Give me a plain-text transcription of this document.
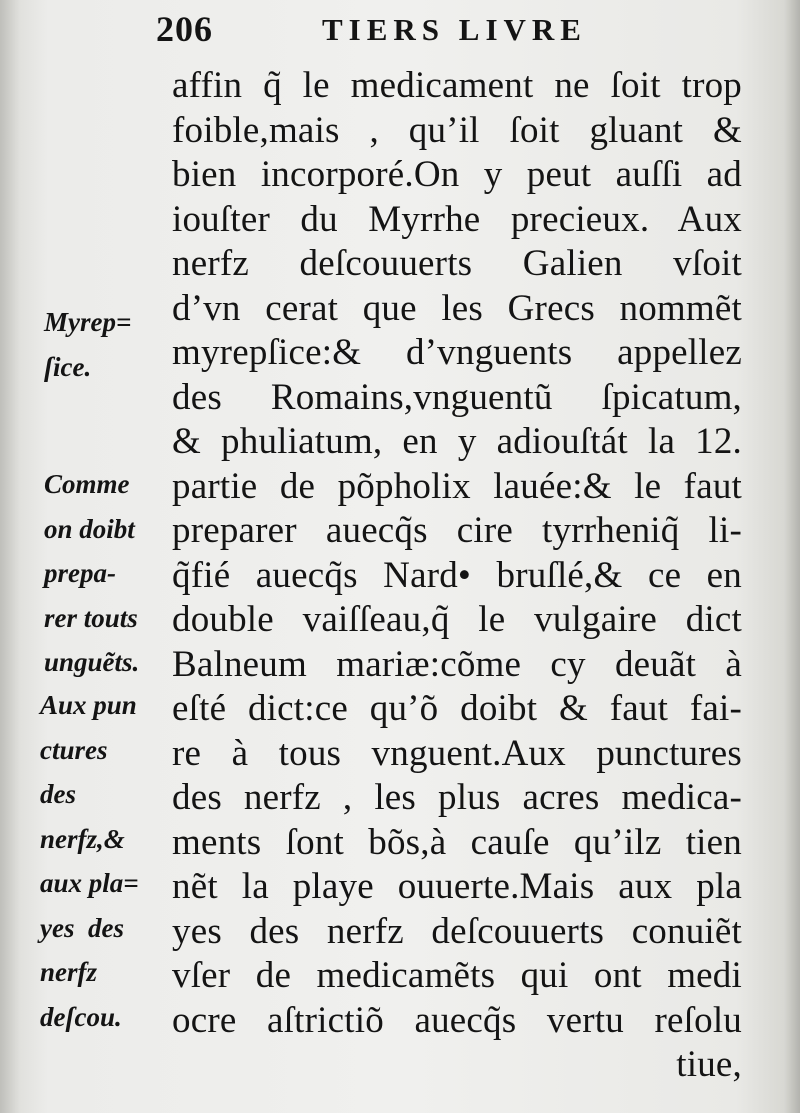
206	TIERS LIVRE
Myrep=
ſice.
Comme
on doibt
prepa-
rer touts
unguẽts.
Aux pun
ctures
des
nerfz,&
aux pla=
yes  des
nerfz
deſcou.
affin q̃ le medicament ne ſoit trop
foible,mais , qu’il ſoit gluant &
bien incorporé.On y peut auſſi ad
iouſter du Myrrhe precieux. Aux
nerfz deſcouuerts Galien vſoit
d’vn cerat que les Grecs nommẽt
myrepſice:& d’vnguents appellez
des Romains,vnguentũ ſpicatum,
& phuliatum, en y adiouſtát la 12.
partie de põpholix lauée:& le faut
preparer auecq̃s cire tyrrheniq̃ li-
q̃fié auecq̃s Nard• bruſlé,& ce en
double vaiſſeau,q̃ le vulgaire dict
Balneum mariæ:cõme cy deuãt à
eſté dict:ce qu’õ doibt & faut fai-
re à tous vnguent.Aux punctures
des nerfz , les plus acres medica-
ments ſont bõs,à cauſe qu’ilz tien
nẽt la playe ouuerte.Mais aux pla
yes des nerfz deſcouuerts conuiẽt
vſer de medicamẽts qui ont medi
ocre aſtrictiõ auecq̃s vertu reſolu
tiue,
